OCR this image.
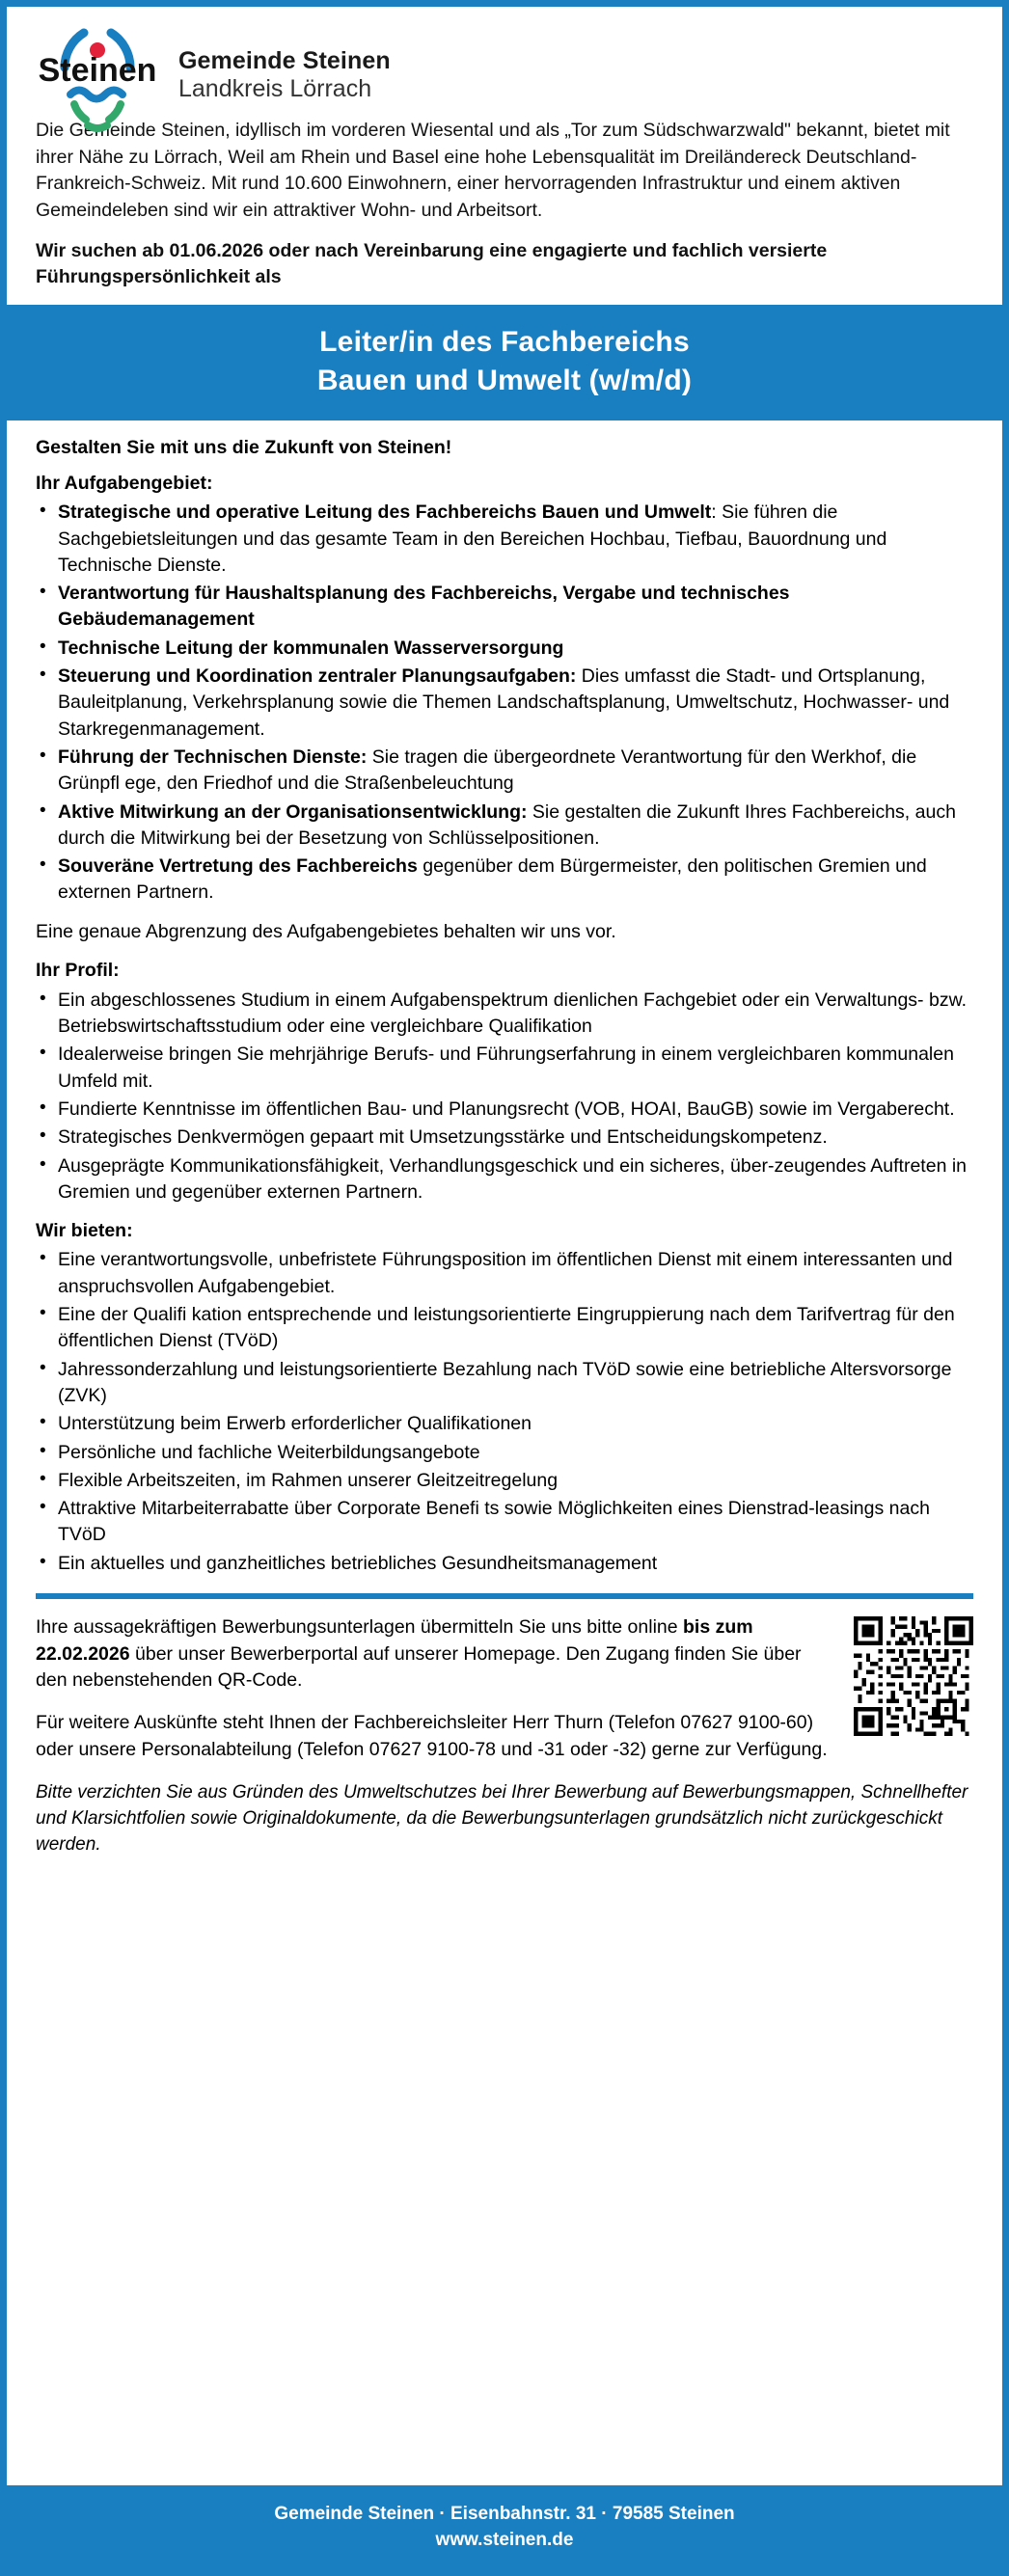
Steinen Gemeinde Steinen
Landkreis Lörrach

Die Gemeinde Steinen, idyllisch im vorderen Wiesental und als „Tor zum Südschwarzwald" bekannt, bietet mit ihrer Nähe zu Lörrach, Weil am Rhein und Basel eine hohe Lebensqualität im Dreiländereck Deutschland-Frankreich-Schweiz. Mit rund 10.600 Einwohnern, einer hervorragenden Infrastruktur und einem aktiven Gemeindeleben sind wir ein attraktiver Wohn- und Arbeitsort.

Wir suchen ab 01.06.2026 oder nach Vereinbarung eine engagierte und fachlich versierte Führungspersönlichkeit als

Leiter/in des Fachbereichs
Bauen und Umwelt (w/m/d)
Gestalten Sie mit uns die Zukunft von Steinen!
Ihr Aufgabengebiet:
• Strategische und operative Leitung des Fachbereichs Bauen und Umwelt: Sie führen die Sachgebietsleitungen und das gesamte Team in den Bereichen Hochbau, Tiefbau, Bauordnung und Technische Dienste.
• Verantwortung für Haushaltsplanung des Fachbereichs, Vergabe und technisches Gebäudemanagement
• Technische Leitung der kommunalen Wasserversorgung
• Steuerung und Koordination zentraler Planungsaufgaben: Dies umfasst die Stadt- und Ortsplanung, Bauleitplanung, Verkehrsplanung sowie die Themen Landschaftsplanung, Umweltschutz, Hochwasser- und Starkregenmanagement.
• Führung der Technischen Dienste: Sie tragen die übergeordnete Verantwortung für den Werkhof, die Grünpfl ege, den Friedhof und die Straßenbeleuchtung
• Aktive Mitwirkung an der Organisationsentwicklung: Sie gestalten die Zukunft Ihres Fachbereichs, auch durch die Mitwirkung bei der Besetzung von Schlüsselpositionen.
• Souveräne Vertretung des Fachbereichs gegenüber dem Bürgermeister, den politischen Gremien und externen Partnern.

Eine genaue Abgrenzung des Aufgabengebietes behalten wir uns vor.

Ihr Profil:
• Ein abgeschlossenes Studium in einem Aufgabenspektrum dienlichen Fachgebiet oder ein Verwaltungs- bzw. Betriebswirtschaftsstudium oder eine vergleichbare Qualifikation
• Idealerweise bringen Sie mehrjährige Berufs- und Führungserfahrung in einem vergleichbaren kommunalen Umfeld mit.
• Fundierte Kenntnisse im öffentlichen Bau- und Planungsrecht (VOB, HOAI, BauGB) sowie im Vergaberecht.
• Strategisches Denkvermögen gepaart mit Umsetzungsstärke und Entscheidungskompetenz.
• Ausgeprägte Kommunikationsfähigkeit, Verhandlungsgeschick und ein sicheres, über-zeugendes Auftreten in Gremien und gegenüber externen Partnern.
Wir bieten:
• Eine verantwortungsvolle, unbefristete Führungsposition im öffentlichen Dienst mit einem interessanten und anspruchsvollen Aufgabengebiet.
• Eine der Qualifi kation entsprechende und leistungsorientierte Eingruppierung nach dem Tarifvertrag für den öffentlichen Dienst (TVöD)
• Jahressonderzahlung und leistungsorientierte Bezahlung nach TVöD sowie eine betriebliche Altersvorsorge (ZVK)
• Unterstützung beim Erwerb erforderlicher Qualifikationen
• Persönliche und fachliche Weiterbildungsangebote
• Flexible Arbeitszeiten, im Rahmen unserer Gleitzeitregelung
• Attraktive Mitarbeiterrabatte über Corporate Benefi ts sowie Möglichkeiten eines Dienstrad-leasings nach TVöD
• Ein aktuelles und ganzheitliches betriebliches Gesundheitsmanagement

Ihre aussagekräftigen Bewerbungsunterlagen übermitteln Sie uns bitte online bis zum 22.02.2026 über unser Bewerberportal auf unserer Homepage. Den Zugang finden Sie über den nebenstehenden QR-Code.

Für weitere Auskünfte steht Ihnen der Fachbereichsleiter Herr Thurn (Telefon 07627 9100-60) oder unsere Personalabteilung (Telefon 07627 9100-78 und -31 oder -32) gerne zur Verfügung.

Bitte verzichten Sie aus Gründen des Umweltschutzes bei Ihrer Bewerbung auf Bewerbungsmappen, Schnellhefter und Klarsichtfolien sowie Originaldokumente, da die Bewerbungsunterlagen grundsätzlich nicht zurückgeschickt werden.

Gemeinde Steinen · Eisenbahnstr. 31 · 79585 Steinen
www.steinen.de
